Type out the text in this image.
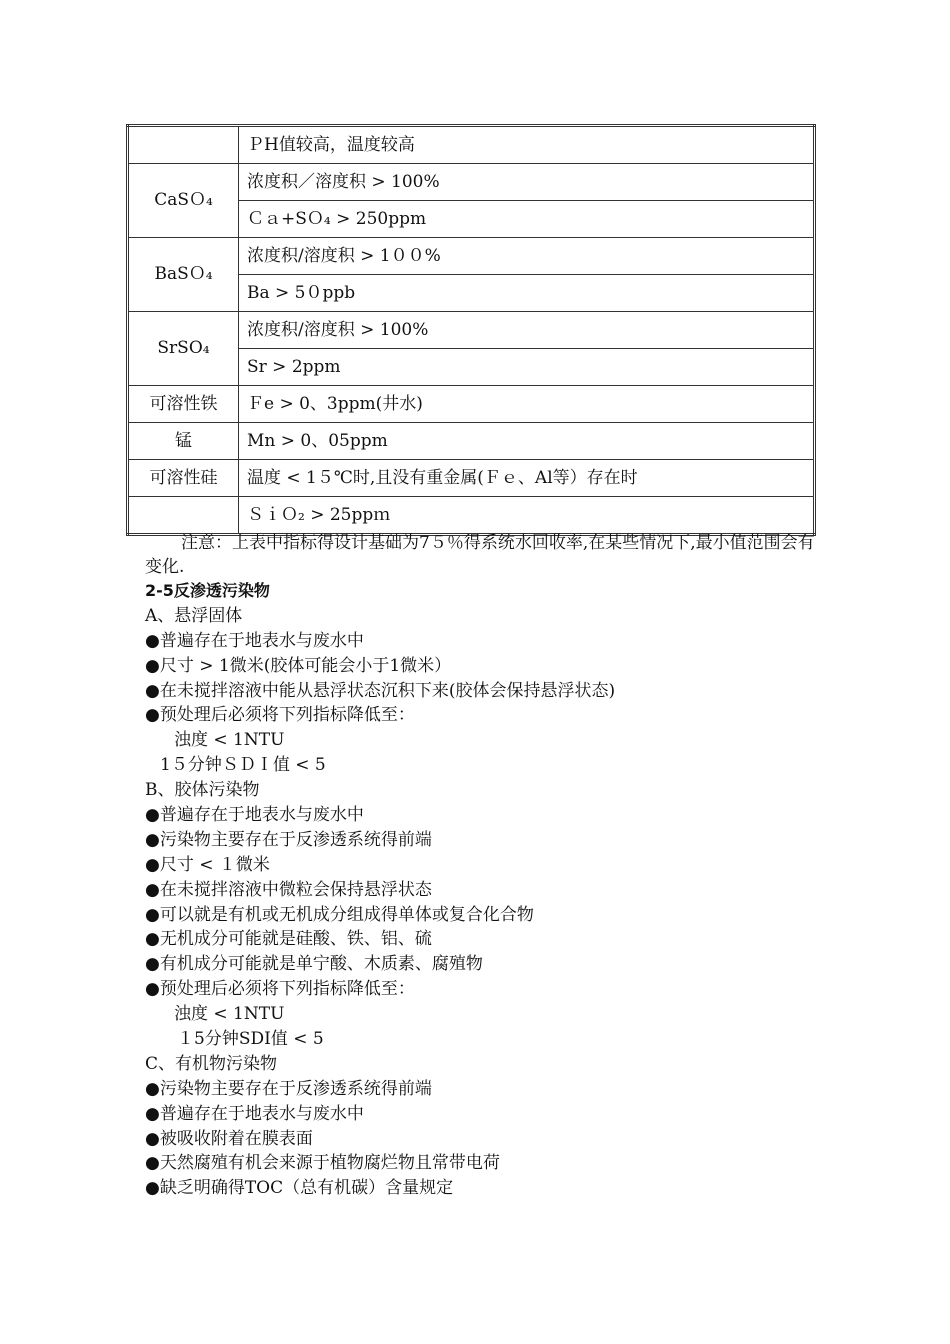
	ＰH值较高，温度较高
CaSＯ₄	浓度积／溶度积 > 100%
	Ｃａ+SＯ₄ > 250ppm
BaSＯ₄	浓度积/溶度积 > 1００%
	Ba > 5０ppb
SrSO₄	浓度积/溶度积 > 100%
	Sr > 2ppm
可溶性铁	Ｆe > 0、3ppm(井水)
锰	Mn > 0、05ppm
可溶性硅	温度 < 1５℃时,且没有重金属(Ｆｅ、Al等）存在时
	ＳｉＯ₂ > 25ppｍ

注意：上表中指标得设计基础为7５％得系统水回收率,在某些情况下,最小值范围会有变化.

2-5反渗透污染物

A、悬浮固体

●普遍存在于地表水与废水中

●尺寸 > 1微米(胶体可能会小于1微米）

●在未搅拌溶液中能从悬浮状态沉积下来(胶体会保持悬浮状态)

●预处理后必须将下列指标降低至：

浊度 < 1NTU

1５分钟ＳＤＩ值 < 5

B、胶体污染物

●普遍存在于地表水与废水中

●污染物主要存在于反渗透系统得前端

●尺寸 < １微米

●在未搅拌溶液中微粒会保持悬浮状态

●可以就是有机或无机成分组成得单体或复合化合物

●无机成分可能就是硅酸、铁、铝、硫

●有机成分可能就是单宁酸、木质素、腐殖物

●预处理后必须将下列指标降低至：

浊度 < 1NTU

１5分钟SDI值 < 5

C、有机物污染物

●污染物主要存在于反渗透系统得前端

●普遍存在于地表水与废水中

●被吸收附着在膜表面

●天然腐殖有机会来源于植物腐烂物且常带电荷

●缺乏明确得TOC（总有机碳）含量规定
